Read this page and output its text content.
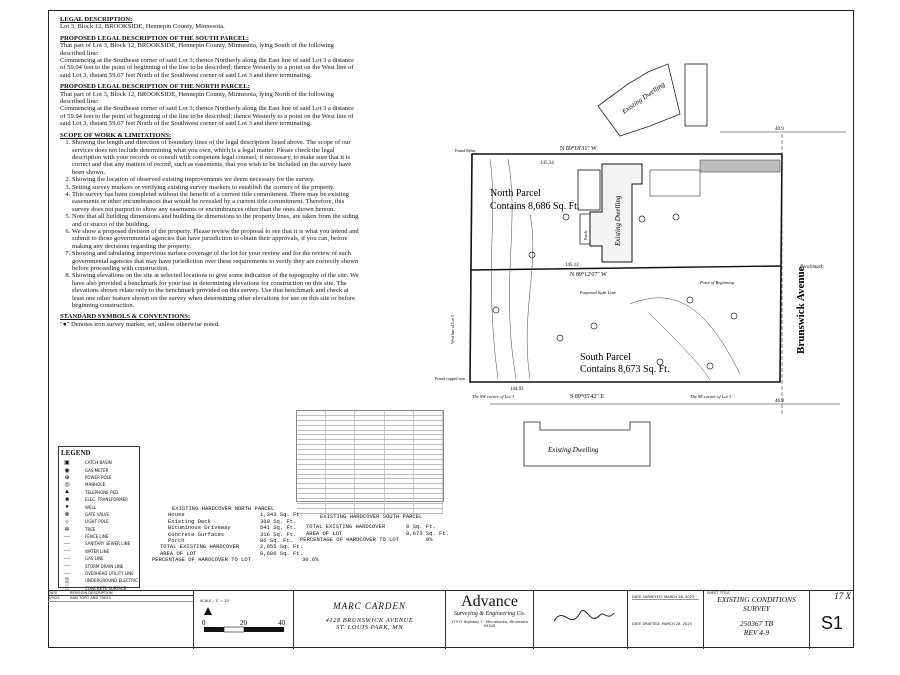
LEGAL DESCRIPTION:

Lot 3, Block 12, BROOKSIDE, Hennepin County, Minnesota.

PROPOSED LEGAL DESCRIPTION OF THE SOUTH PARCEL:

That part of Lot 3, Block 12, BROOKSIDE, Hennepin County, Minnesota, lying South of the following described line:

Commencing at the Southeast corner of said Lot 3; thence Northerly along the East line of said Lot 3 a distance of 59.94 feet to the point of beginning of the line to be described; thence Westerly to a point on the West line of said Lot 3, distant 59.67 feet North of the Southwest corner of said Lot 3 and there terminating.

PROPOSED LEGAL DESCRIPTION OF THE NORTH PARCEL:

That part of Lot 3, Block 12, BROOKSIDE, Hennepin County, Minnesota, lying North of the following described line:

Commencing at the Southeast corner of said Lot 3; thence Northerly along the East line of said Lot 3 a distance of 59.94 feet to the point of beginning of the line to be described; thence Westerly to a point on the West line of said Lot 3, distant 59.67 feet North of the Southwest corner of said Lot 3 and there terminating.

SCOPE OF WORK & LIMITATIONS:
1. Showing the length and direction of boundary lines of the legal description listed above. The scope of our services does not include determining what you own, which is a legal matter. Please check the legal description with your records or consult with competent legal counsel, if necessary, to make sure that it is correct and that any matters of record, such as easements, that you wish to be included on the survey have been shown.
2. Showing the location of observed existing improvements we deem necessary for the survey.
3. Setting survey markers or verifying existing survey markers to establish the corners of the property.
4. This survey has been completed without the benefit of a current title commitment. There may be existing easements or other encumbrances that would be revealed by a current title commitment. Therefore, this survey does not purport to show any easements or encumbrances other than the ones shown hereon.
5. Note that all building dimensions and building tie dimensions to the property lines, are taken from the siding and or stucco of the building.
6. We show a proposed division of the property. Please review the proposal to see that it is what you intend and submit to those governmental agencies that have jurisdiction to obtain their approvals, if you can, before making any decisions regarding the property.
7. Showing and tabulating impervious surface coverage of the lot for your review and for the review of such governmental agencies that may have jurisdiction over these requirements to verify they are correctly shown before proceeding with construction.
8. Showing elevations on the site at selected locations to give some indication of the topography of the site. We have also provided a benchmark for your use in determining elevations for construction on this site. The elevations shown relate only to the benchmark provided on this survey. Use that benchmark and check at least one other feature shown on the survey when determining other elevations for use on this site or before beginning construction.
STANDARD SYMBOLS & CONVENTIONS:

"●" Denotes iron survey marker, set, unless otherwise noted.

Existing Dwelling
40.9
N 89°18'31" W
145.34
Found Rebar
Existing Dwelling
Porch
North Parcel
Contains 8,686 Sq. Ft.
N 89°12'07" W
145.12
Proposed Split Line
Point of Beginning
South Parcel
Contains 8,673 Sq. Ft.
144.91
S 89°05'42" E
The SW corner of Lot 3	The SE corner of Lot 3
Found capped iron
West line of Lot 3	Brunswick Avenue
Benchmark:
46.9
Existing Dwelling
LEGEND
▣	CATCH BASIN
◉	GAS METER
⊕	POWER POLE
◎	MANHOLE
▲	TELEPHONE PED.
■	ELEC. TRANSFORMER
●	WELL
⊗	GATE VALVE
☼	LIGHT POLE
✲	TREE
—	FENCE LINE
—	SANITARY SEWER LINE
—	WATER LINE
—	GAS LINE
—	STORM DRAIN LINE
—	OVERHEAD UTILITY LINE
▒	UNDERGROUND ELECTRIC
░	CONCRETE SURFACE
EXISTING HARDCOVER NORTH PARCEL
House	1,343 Sq. Ft.
Existing Deck	369 Sq. Ft.
Bituminous Driveway	541 Sq. Ft.
Concrete Surfaces	316 Sq. Ft.
Porch	86 Sq. Ft.
TOTAL EXISTING HARDCOVER	2,655 Sq. Ft.
AREA OF LOT	8,686 Sq. Ft.
PERCENTAGE OF HARDCOVER TO LOT	30.6%
EXISTING HARDCOVER SOUTH PARCEL
TOTAL EXISTING HARDCOVER	0 Sq. Ft.
AREA OF LOT	8,673 Sq. Ft.
PERCENTAGE OF HARDCOVER TO LOT	0%
DATE	REVISION DESCRIPTION
4/9/25	ADD TOPO AND TREES
SCALE - 1" = 20'
0	20	40
MARC CARDEN
4128 BRUNSWICK AVENUE
ST. LOUIS PARK, MN
Advance
Surveying & Engineering Co.
17917 Highway 7 · Minnetonka, Minnesota 55345
DATE SURVEYED: MARCH 26, 2025
DATE DRAFTED: MARCH 28, 2025
SHEET TITLE
EXISTING CONDITIONS
SURVEY
250367 TB
REV 4-9
17 X
S1
